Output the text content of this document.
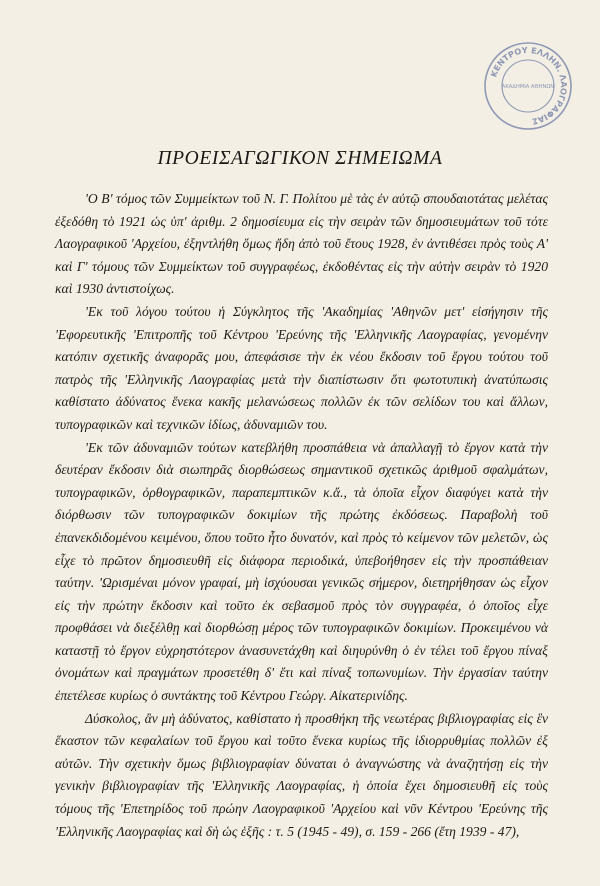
ΚΕΝΤΡΟΥ ΕΛΛΗΝ. ΛΑΟΓΡΑΦΙΑΣ
ΑΚΑΔΗΜΙΑ ΑΘΗΝΩΝ
ΠΡΟΕΙΣΑΓΩΓΙΚΟΝ ΣΗΜΕΙΩΜΑ

'Ο Β' τόμος τῶν Συμμείκτων τοῦ Ν. Γ. Πολίτου μὲ τὰς ἐν αὐτῷ σπουδαιοτάτας μελέτας ἐξεδόθη τὸ 1921 ὡς ὑπ' ἀριθμ. 2 δημοσίευμα εἰς τὴν σειρὰν τῶν δημοσιευμάτων τοῦ τότε Λαογραφικοῦ 'Αρχείου, ἐξηντλήθη ὅμως ἤδη ἀπὸ τοῦ ἔτους 1928, ἐν ἀντιθέσει πρὸς τοὺς Α' καὶ Γ' τόμους τῶν Συμμείκτων τοῦ συγγραφέως, ἐκδοθέντας εἰς τὴν αὐτὴν σειρὰν τὸ 1920 καὶ 1930 ἀντιστοίχως.

'Εκ τοῦ λόγου τούτου ἡ Σύγκλητος τῆς 'Ακαδημίας 'Αθηνῶν μετ' εἰσήγησιν τῆς 'Εφορευτικῆς 'Επιτροπῆς τοῦ Κέντρου 'Ερεύνης τῆς 'Ελληνικῆς Λαογραφίας, γενομένην κατόπιν σχετικῆς ἀναφορᾶς μου, ἀπεφάσισε τὴν ἐκ νέου ἔκδοσιν τοῦ ἔργου τούτου τοῦ πατρὸς τῆς 'Ελληνικῆς Λαογραφίας μετὰ τὴν διαπίστωσιν ὅτι φωτοτυπικὴ ἀνατύπωσις καθίστατο ἀδύνατος ἕνεκα κακῆς μελανώσεως πολλῶν ἐκ τῶν σελίδων του καὶ ἄλλων, τυπογραφικῶν καὶ τεχνικῶν ἰδίως, ἀδυναμιῶν του.

'Εκ τῶν ἀδυναμιῶν τούτων κατεβλήθη προσπάθεια νὰ ἀπαλλαγῇ τὸ ἔργον κατὰ τὴν δευτέραν ἔκδοσιν διὰ σιωπηρᾶς διορθώσεως σημαντικοῦ σχετικῶς ἀριθμοῦ σφαλμάτων, τυπογραφικῶν, ὀρθογραφικῶν, παραπεμπτικῶν κ.ἄ., τὰ ὁποῖα εἶχον διαφύγει κατὰ τὴν διόρθωσιν τῶν τυπογραφικῶν δοκιμίων τῆς πρώτης ἐκδόσεως. Παραβολὴ τοῦ ἐπανεκδιδομένου κειμένου, ὅπου τοῦτο ἦτο δυνατόν, καὶ πρὸς τὸ κείμενον τῶν μελετῶν, ὡς εἶχε τὸ πρῶτον δημοσιευθῆ εἰς διάφορα περιοδικά, ὑπεβοήθησεν εἰς τὴν προσπάθειαν ταύτην. 'Ωρισμέναι μόνον γραφαί, μὴ ἰσχύουσαι γενικῶς σήμερον, διετηρήθησαν ὡς εἶχον εἰς τὴν πρώτην ἔκδοσιν καὶ τοῦτο ἐκ σεβασμοῦ πρὸς τὸν συγγραφέα, ὁ ὁποῖος εἶχε προφθάσει νὰ διεξέλθῃ καὶ διορθώσῃ μέρος τῶν τυπογραφικῶν δοκιμίων. Προκειμένου νὰ καταστῇ τὸ ἔργον εὐχρηστότερον ἀνασυνετάχθη καὶ διηυρύνθη ὁ ἐν τέλει τοῦ ἔργου πίναξ ὀνομάτων καὶ πραγμάτων προσετέθη δ' ἔτι καὶ πίναξ τοπωνυμίων. Τὴν ἐργασίαν ταύτην ἐπετέλεσε κυρίως ὁ συντάκτης τοῦ Κέντρου Γεώργ. Αἰκατερινίδης.

Δύσκολος, ἂν μὴ ἀδύνατος, καθίστατο ἡ προσθήκη τῆς νεωτέρας βιβλιογραφίας εἰς ἓν ἕκαστον τῶν κεφαλαίων τοῦ ἔργου καὶ τοῦτο ἕνεκα κυρίως τῆς ἰδιορρυθμίας πολλῶν ἐξ αὐτῶν. Τὴν σχετικὴν ὅμως βιβλιογραφίαν δύναται ὁ ἀναγνώστης νὰ ἀναζητήσῃ εἰς τὴν γενικὴν βιβλιογραφίαν τῆς 'Ελληνικῆς Λαογραφίας, ἡ ὁποία ἔχει δημοσιευθῆ εἰς τοὺς τόμους τῆς 'Επετηρίδος τοῦ πρώην Λαογραφικοῦ 'Αρχείου καὶ νῦν Κέντρου 'Ερεύνης τῆς 'Ελληνικῆς Λαογραφίας καὶ δὴ ὡς ἑξῆς : τ. 5 (1945 - 49), σ. 159 - 266 (ἔτη 1939 - 47),
